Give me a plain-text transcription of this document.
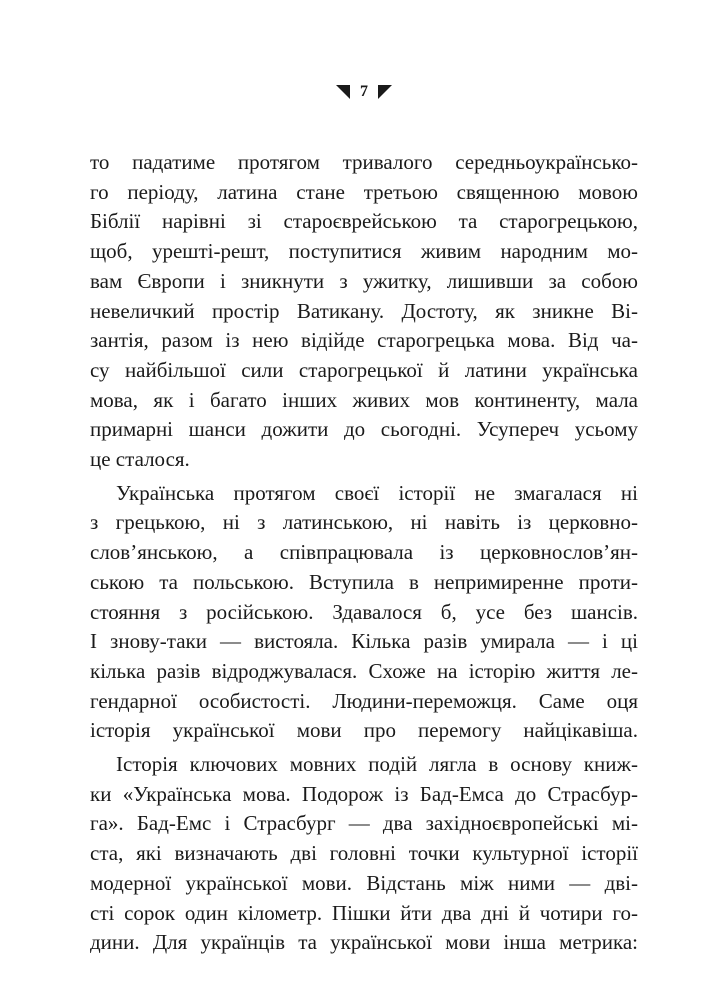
7

то падатиме протягом тривалого середньоукраїнсько-
го періоду, латина стане третьою священною мовою
Біблії нарівні зі староєврейською та старогрецькою,
щоб, урешті-решт, поступитися живим народним мо-
вам Європи і зникнути з ужитку, лишивши за собою
невеличкий простір Ватикану. Достоту, як зникне Ві-
зантія, разом із нею відійде старогрецька мова. Від ча-
су найбільшої сили старогрецької й латини українська
мова, як і багато інших живих мов континенту, мала
примарні шанси дожити до сьогодні. Усупереч усьому
це сталося.

Українська протягом своєї історії не змагалася ні
з грецькою, ні з латинською, ні навіть із церковно-
слов’янською, а співпрацювала із церковнослов’ян-
ською та польською. Вступила в непримиренне проти-
стояння з російською. Здавалося б, усе без шансів.
І знову-таки — вистояла. Кілька разів умирала — і ці
кілька разів відроджувалася. Схоже на історію життя ле-
гендарної особистості. Людини-переможця. Саме оця
історія української мови про перемогу найцікавіша.

Історія ключових мовних подій лягла в основу книж-
ки «Українська мова. Подорож із Бад-Емса до Страсбур-
га». Бад-Емс і Страсбург — два західноєвропейські мі-
ста, які визначають дві головні точки культурної історії
модерної української мови. Відстань між ними — дві-
сті сорок один кілометр. Пішки йти два дні й чотири го-
дини. Для українців та української мови інша метрика:
